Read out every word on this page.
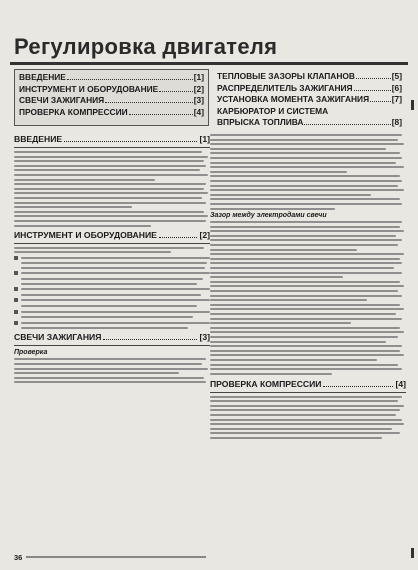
Регулировка двигателя
ВВЕДЕНИЕ	[1]
ИНСТРУМЕНТ И ОБОРУДОВАНИЕ	[2]
СВЕЧИ ЗАЖИГАНИЯ	[3]
ПРОВЕРКА КОМПРЕССИИ	[4]
ТЕПЛОВЫЕ ЗАЗОРЫ КЛАПАНОВ	[5]
РАСПРЕДЕЛИТЕЛЬ ЗАЖИГАНИЯ	[6]
УСТАНОВКА МОМЕНТА ЗАЖИГАНИЯ	[7]
КАРБЮРАТОР И СИСТЕМА
ВПРЫСКА ТОПЛИВА	[8]
ВВЕДЕНИЕ	[1]
ИНСТРУМЕНТ И ОБОРУДОВАНИЕ	[2]
СВЕЧИ ЗАЖИГАНИЯ	[3]
Проверка
36
Зазор между электродами свечи
ПРОВЕРКА КОМПРЕССИИ	[4]
